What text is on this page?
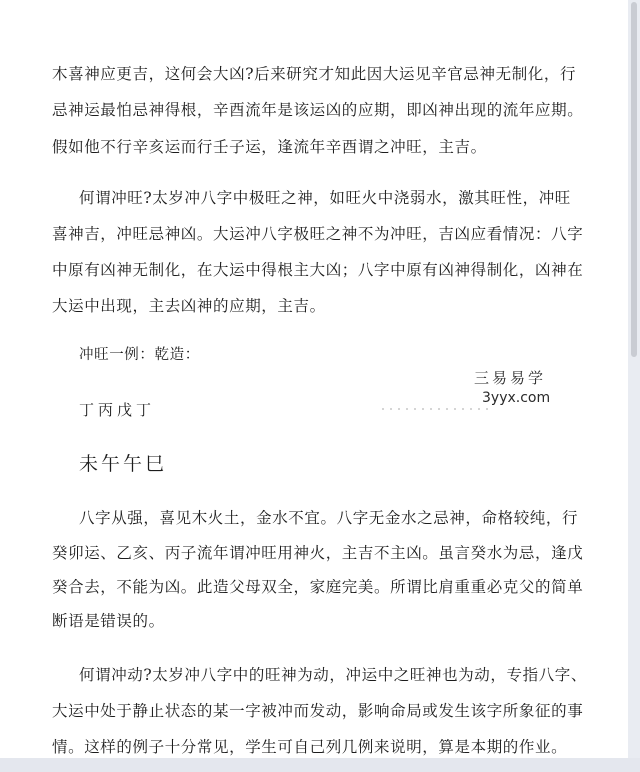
木喜神应更吉，这何会大凶?后来研究才知此因大运见辛官忌神无制化，行
忌神运最怕忌神得根，辛酉流年是该运凶的应期，即凶神出现的流年应期。
假如他不行辛亥运而行壬子运，逢流年辛酉谓之冲旺，主吉。
何谓冲旺?太岁冲八字中极旺之神，如旺火中浇弱水，激其旺性，冲旺
喜神吉，冲旺忌神凶。大运冲八字极旺之神不为冲旺，吉凶应看情况：八字
中原有凶神无制化，在大运中得根主大凶；八字中原有凶神得制化，凶神在
大运中出现，主去凶神的应期，主吉。
冲旺一例：乾造：
丁丙戊丁
未午午巳
八字从强，喜见木火土，金水不宜。八字无金水之忌神，命格较纯，行
癸卯运、乙亥、丙子流年谓冲旺用神火，主吉不主凶。虽言癸水为忌，逢戊
癸合去，不能为凶。此造父母双全，家庭完美。所谓比肩重重必克父的简单
断语是错误的。
何谓冲动?太岁冲八字中的旺神为动，冲运中之旺神也为动，专指八字、
大运中处于静止状态的某一字被冲而发动，影响命局或发生该字所象征的事
情。这样的例子十分常见，学生可自己列几例来说明，算是本期的作业。
三易易学
3yyx.com
